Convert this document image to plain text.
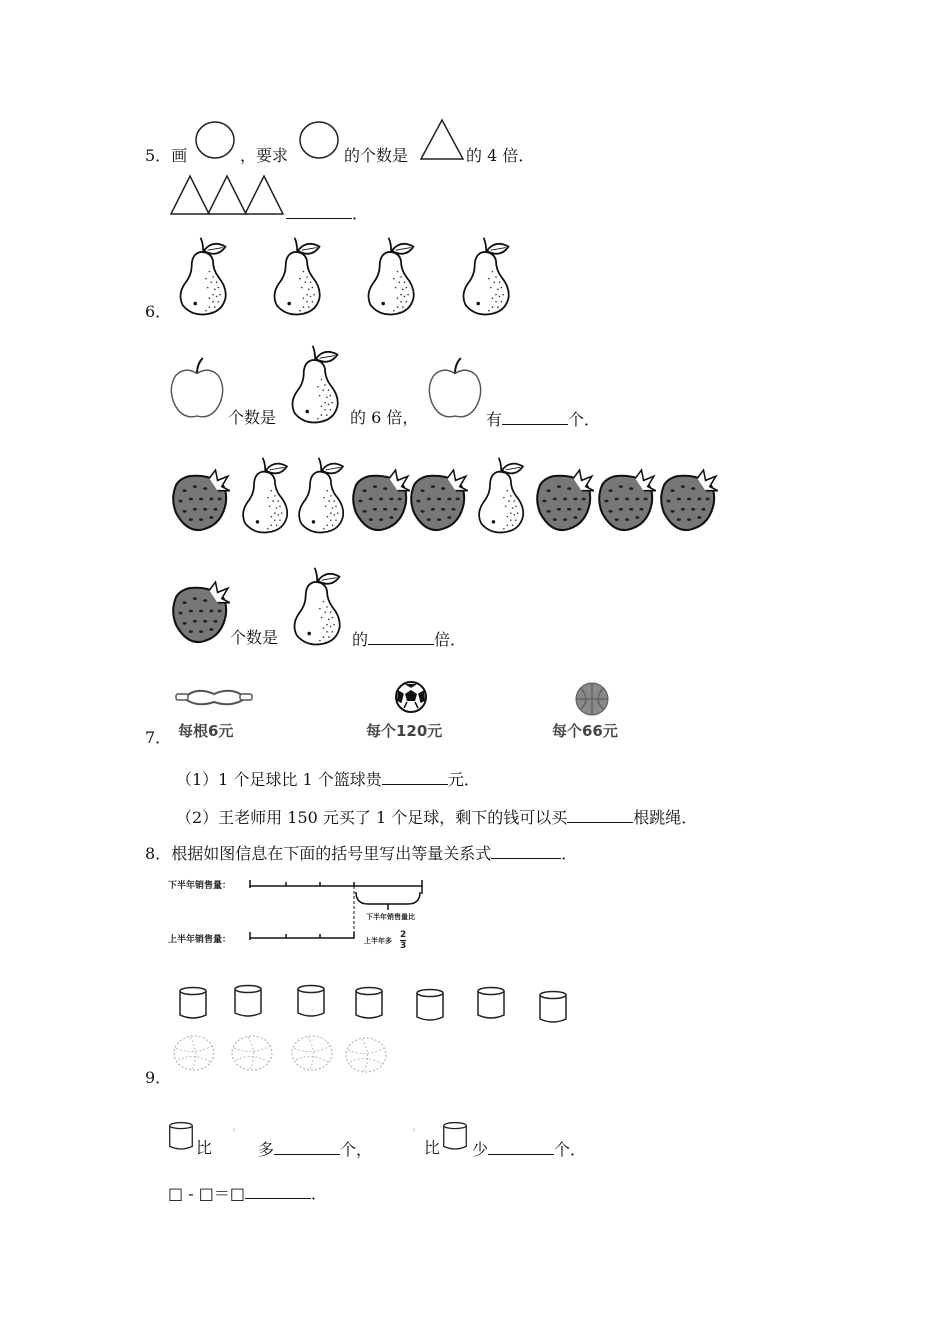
5．画	，要求	的个数是	的 4 倍．
．
6．
个数是	的 6 倍，	有	个．
个数是	的	倍．
7． 每根6元	每个120元	每个66元
（1）1 个足球比 1 个篮球贵	元．
（2）王老师用 150 元买了 1 个足球，剩下的钱可以买	根跳绳．
8．根据如图信息在下面的括号里写出等量关系式	．
下半年销售量：
上半年销售量：
下半年销售量比
上半年多
2
3
9．
比	多	个，	比 少	个．
□ - □＝□	．
